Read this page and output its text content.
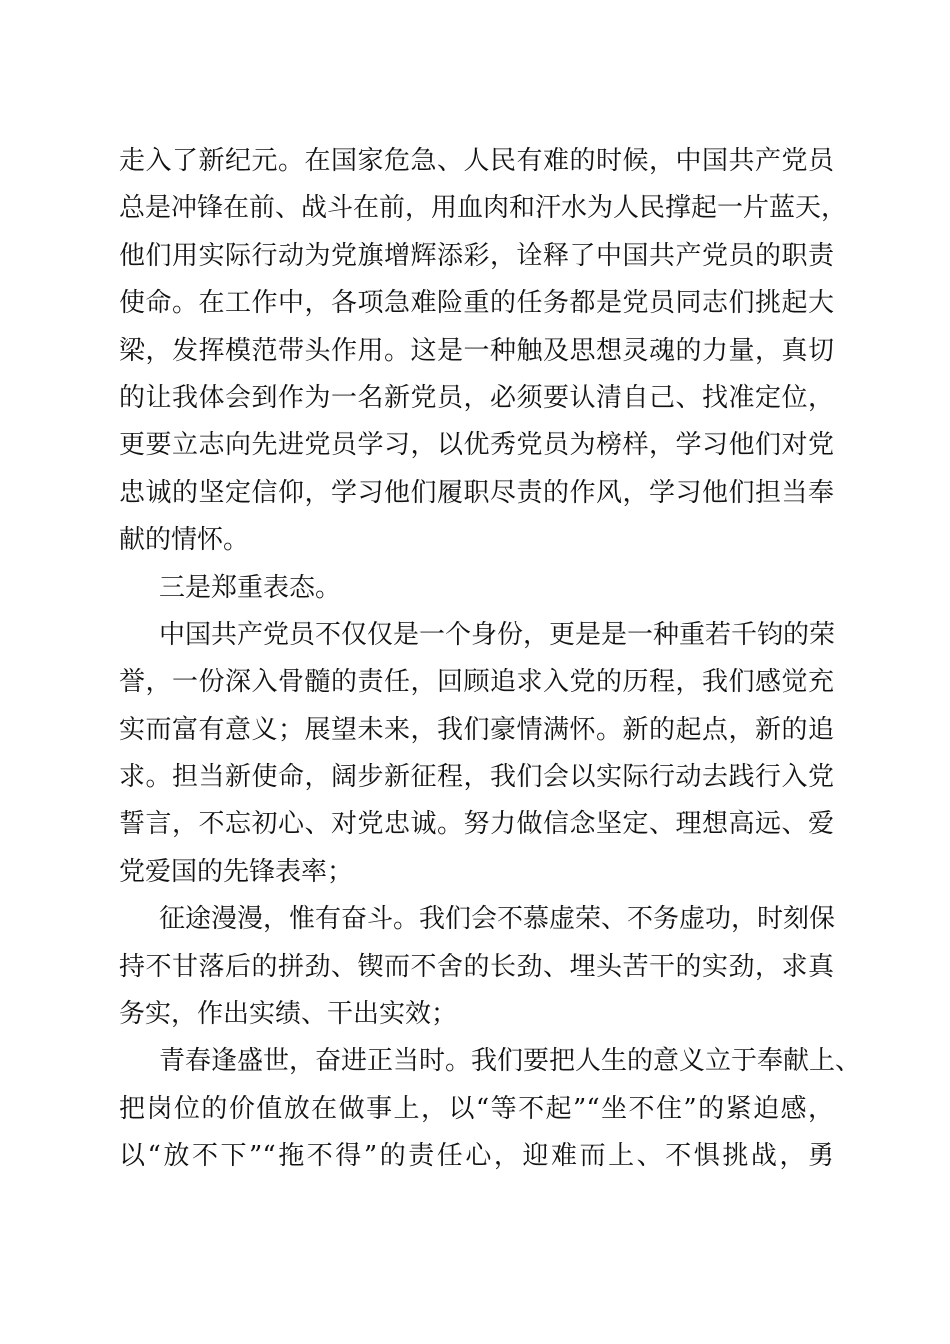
走入了新纪元。在国家危急、人民有难的时候，中国共产党员
总是冲锋在前、战斗在前，用血肉和汗水为人民撑起一片蓝天，
他们用实际行动为党旗增辉添彩，诠释了中国共产党员的职责
使命。在工作中，各项急难险重的任务都是党员同志们挑起大
梁，发挥模范带头作用。这是一种触及思想灵魂的力量，真切
的让我体会到作为一名新党员，必须要认清自己、找准定位，
更要立志向先进党员学习，以优秀党员为榜样，学习他们对党
忠诚的坚定信仰，学习他们履职尽责的作风，学习他们担当奉
献的情怀。
三是郑重表态。
中国共产党员不仅仅是一个身份，更是是一种重若千钧的荣
誉，一份深入骨髓的责任，回顾追求入党的历程，我们感觉充
实而富有意义；展望未来，我们豪情满怀。新的起点，新的追
求。担当新使命，阔步新征程，我们会以实际行动去践行入党
誓言，不忘初心、对党忠诚。努力做信念坚定、理想高远、爱
党爱国的先锋表率；
征途漫漫，惟有奋斗。我们会不慕虚荣、不务虚功，时刻保
持不甘落后的拼劲、锲而不舍的长劲、埋头苦干的实劲，求真
务实，作出实绩、干出实效；
青春逢盛世，奋进正当时。我们要把人生的意义立于奉献上、
把岗位的价值放在做事上，以“等不起”“坐不住”的紧迫感，
以“放不下”“拖不得”的责任心，迎难而上、不惧挑战，勇
